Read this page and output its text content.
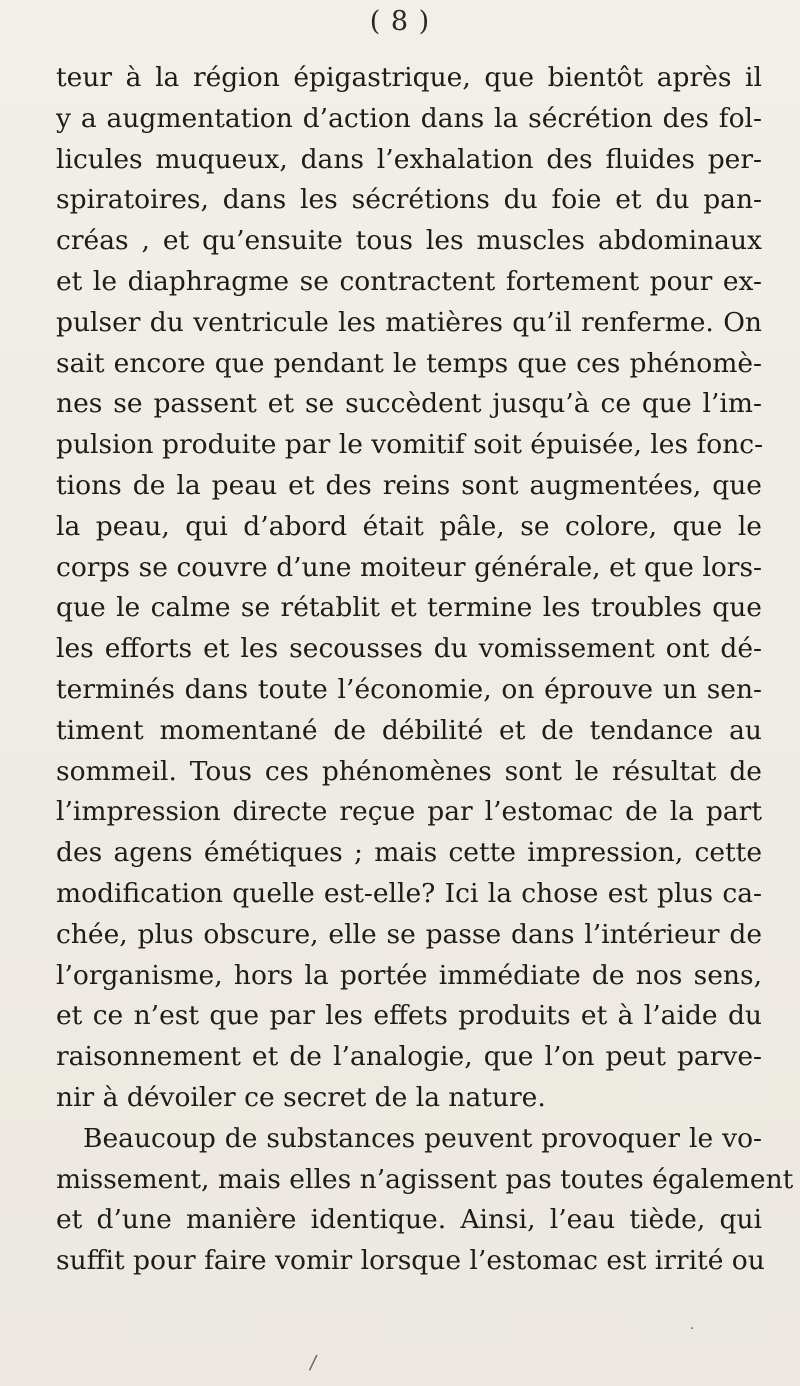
( 8 )
teur à la région épigastrique, que bientôt après il
y a augmentation d’action dans la sécrétion des fol-
licules muqueux, dans l’exhalation des fluides per-
spiratoires, dans les sécrétions du foie et du pan-
créas , et qu’ensuite tous les muscles abdominaux
et le diaphragme se contractent fortement pour ex-
pulser du ventricule les matières qu’il renferme. On
sait encore que pendant le temps que ces phénomè-
nes se passent et se succèdent jusqu’à ce que l’im-
pulsion produite par le vomitif soit épuisée, les fonc-
tions de la peau et des reins sont augmentées, que
la peau, qui d’abord était pâle, se colore, que le
corps se couvre d’une moiteur générale, et que lors-
que le calme se rétablit et termine les troubles que
les efforts et les secousses du vomissement ont dé-
terminés dans toute l’économie, on éprouve un sen-
timent momentané de débilité et de tendance au
sommeil. Tous ces phénomènes sont le résultat de
l’impression directe reçue par l’estomac de la part
des agens émétiques ; mais cette impression, cette
modification quelle est-elle? Ici la chose est plus ca-
chée, plus obscure, elle se passe dans l’intérieur de
l’organisme, hors la portée immédiate de nos sens,
et ce n’est que par les effets produits et à l’aide du
raisonnement et de l’analogie, que l’on peut parve-
nir à dévoiler ce secret de la nature.
Beaucoup de substances peuvent provoquer le vo-
missement, mais elles n’agissent pas toutes également
et d’une manière identique. Ainsi, l’eau tiède, qui
suffit pour faire vomir lorsque l’estomac est irrité ou
/
·
